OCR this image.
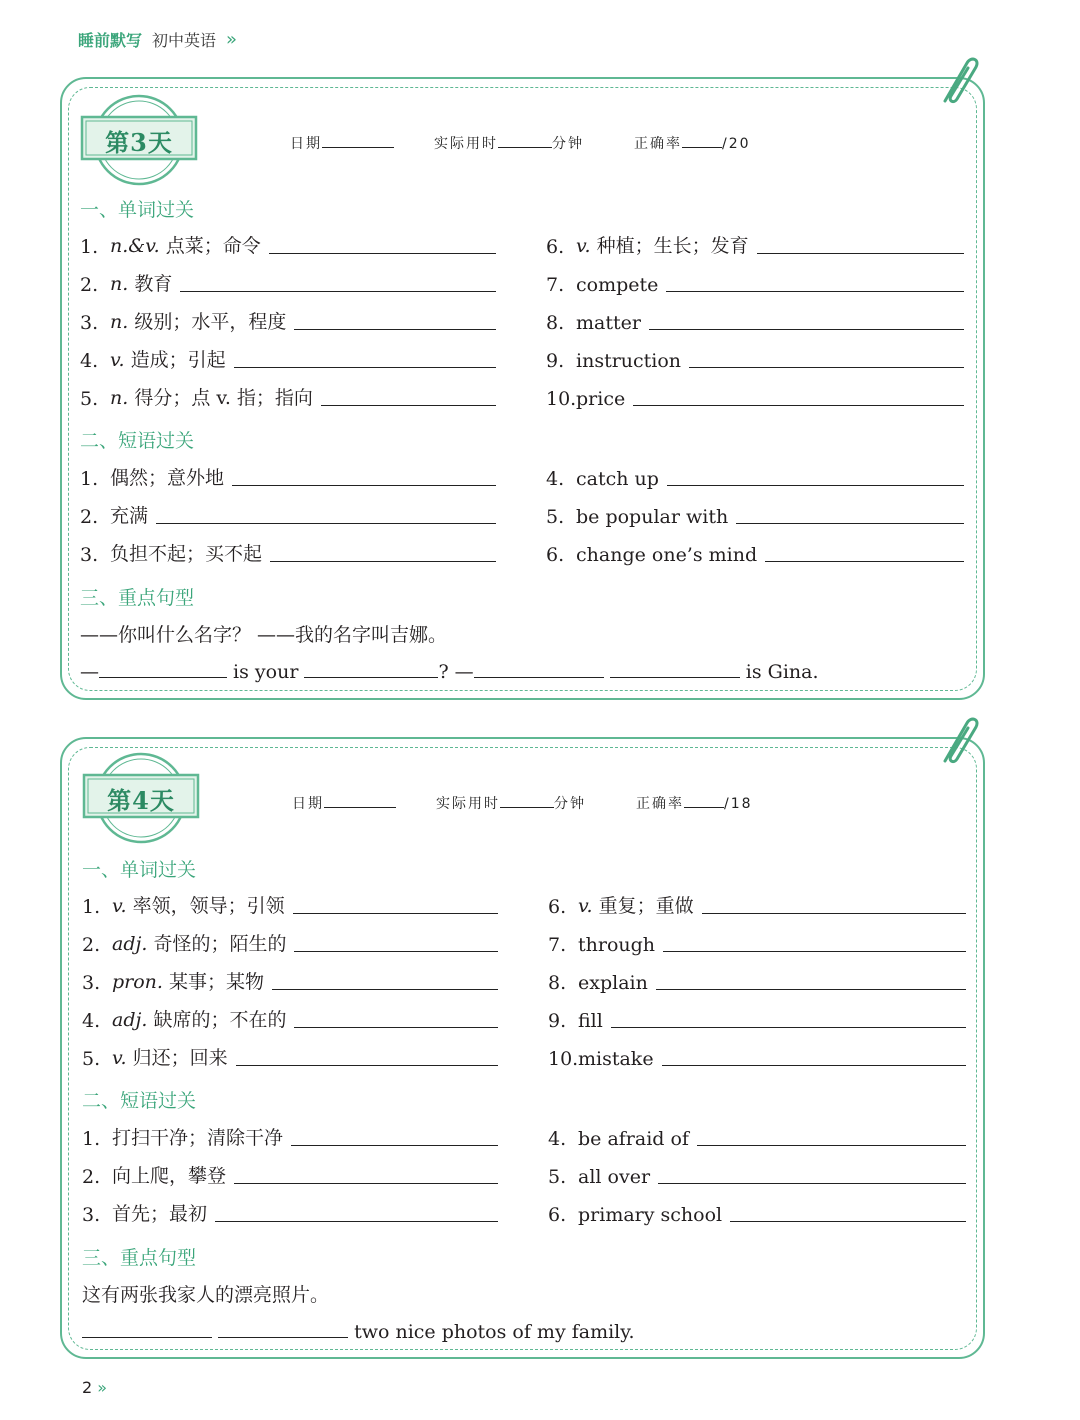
睡前默写 初中英语 »
第3天	日期	实际用时	分钟	正确率	/20
一、单词过关
1. n.&v. 点菜；命令
2. n. 教育
3. n. 级别；水平，程度
4. v. 造成；引起
5. n. 得分；点 v. 指；指向
6. v. 种植；生长；发育
7. compete
8. matter
9. instruction
10. price
二、短语过关
1. 偶然；意外地
2. 充满
3. 负担不起；买不起
4. catch up
5. be popular with
6. change one’s mind
三、重点句型
——你叫什么名字？ ——我的名字叫吉娜。
—	is your	? —	is Gina.
第4天	日期	实际用时	分钟	正确率	/18
一、单词过关
1. v. 率领，领导；引领
2. adj. 奇怪的；陌生的
3. pron. 某事；某物
4. adj. 缺席的；不在的
5. v. 归还；回来
6. v. 重复；重做
7. through
8. explain
9. fill
10. mistake
二、短语过关
1. 打扫干净；清除干净
2. 向上爬，攀登
3. 首先；最初
4. be afraid of
5. all over
6. primary school
三、重点句型
这有两张我家人的漂亮照片。
two nice photos of my family.
2 »
